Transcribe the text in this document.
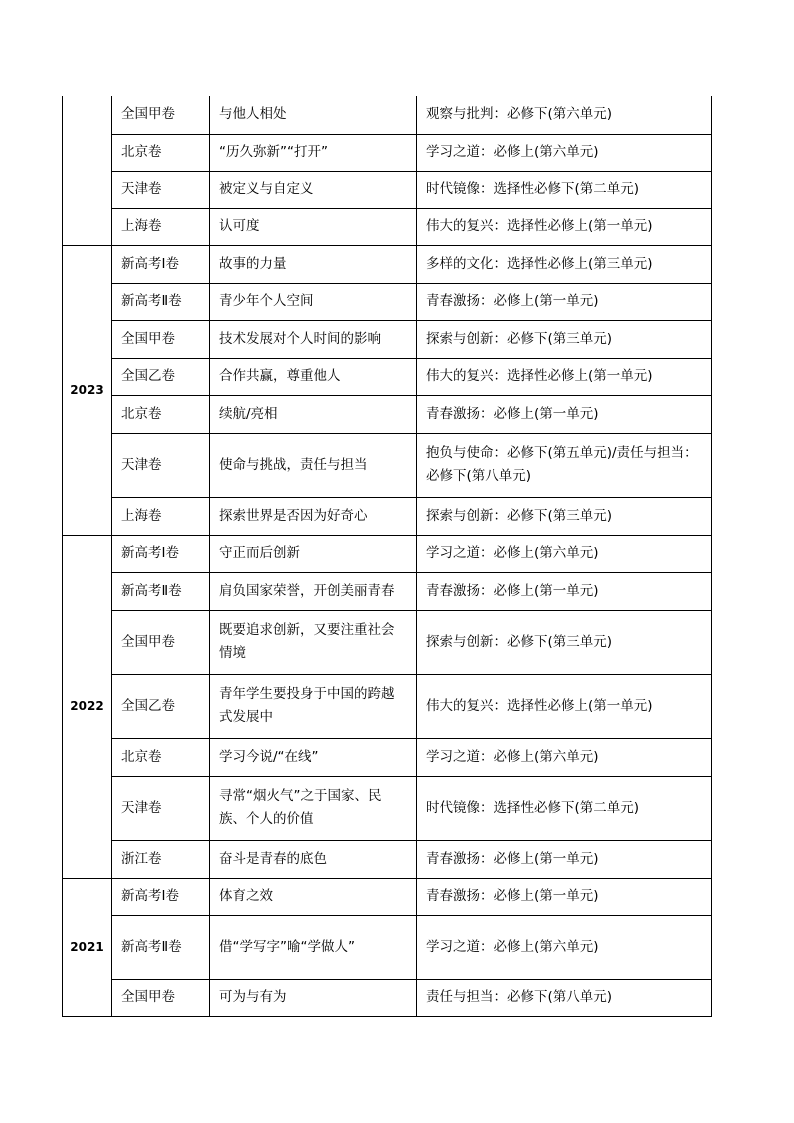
	全国甲卷	与他人相处	观察与批判：必修下(第六单元)
	北京卷	“历久弥新”“打开”	学习之道：必修上(第六单元)
	天津卷	被定义与自定义	时代镜像：选择性必修下(第二单元)
	上海卷	认可度	伟大的复兴：选择性必修上(第一单元)
2023	新高考Ⅰ卷	故事的力量	多样的文化：选择性必修上(第三单元)
	新高考Ⅱ卷	青少年个人空间	青春激扬：必修上(第一单元)
	全国甲卷	技术发展对个人时间的影响	探索与创新：必修下(第三单元)
	全国乙卷	合作共赢，尊重他人	伟大的复兴：选择性必修上(第一单元)
	北京卷	续航/亮相	青春激扬：必修上(第一单元)
	天津卷	使命与挑战，责任与担当	抱负与使命：必修下(第五单元)/责任与担当：必修下(第八单元)
	上海卷	探索世界是否因为好奇心	探索与创新：必修下(第三单元)
2022	新高考Ⅰ卷	守正而后创新	学习之道：必修上(第六单元)
	新高考Ⅱ卷	肩负国家荣誉，开创美丽青春	青春激扬：必修上(第一单元)
	全国甲卷	既要追求创新，又要注重社会情境	探索与创新：必修下(第三单元)
	全国乙卷	青年学生要投身于中国的跨越式发展中	伟大的复兴：选择性必修上(第一单元)
	北京卷	学习今说/“在线”	学习之道：必修上(第六单元)
	天津卷	寻常“烟火气”之于国家、民族、个人的价值	时代镜像：选择性必修下(第二单元)
	浙江卷	奋斗是青春的底色	青春激扬：必修上(第一单元)
2021	新高考Ⅰ卷	体育之效	青春激扬：必修上(第一单元)
	新高考Ⅱ卷	借“学写字”喻“学做人”	学习之道：必修上(第六单元)
	全国甲卷	可为与有为	责任与担当：必修下(第八单元)
